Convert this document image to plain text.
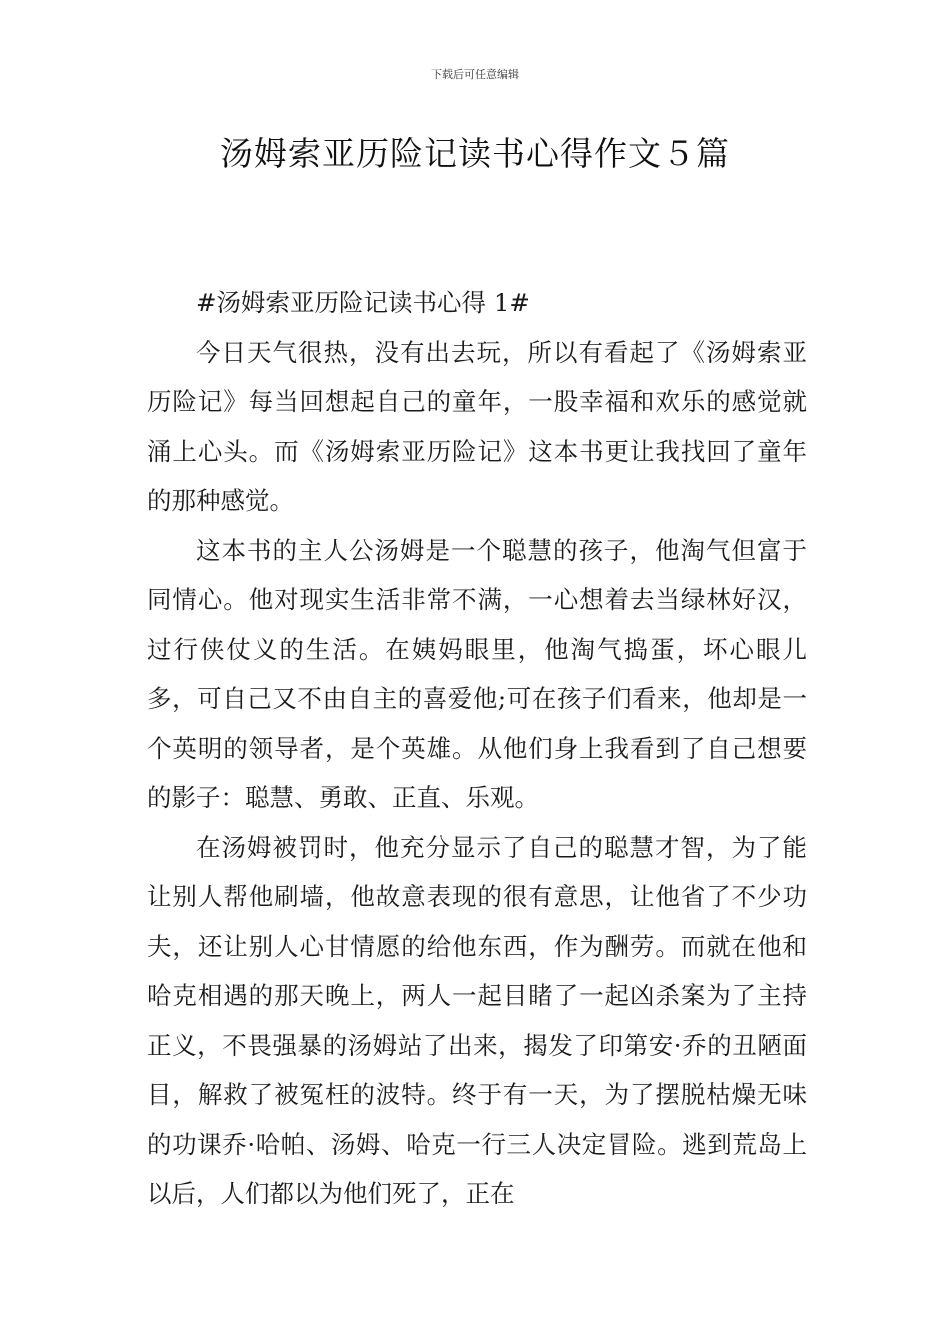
下载后可任意编辑
汤姆索亚历险记读书心得作文５篇

#汤姆索亚历险记读书心得 1#

今日天气很热，没有出去玩，所以有看起了《汤姆索亚历险记》每当回想起自己的童年，一股幸福和欢乐的感觉就涌上心头。而《汤姆索亚历险记》这本书更让我找回了童年的那种感觉。

这本书的主人公汤姆是一个聪慧的孩子，他淘气但富于同情心。他对现实生活非常不满，一心想着去当绿林好汉，过行侠仗义的生活。在姨妈眼里，他淘气捣蛋，坏心眼儿多，可自己又不由自主的喜爱他;可在孩子们看来，他却是一个英明的领导者，是个英雄。从他们身上我看到了自己想要的影子：聪慧、勇敢、正直、乐观。

在汤姆被罚时，他充分显示了自己的聪慧才智，为了能让别人帮他刷墙，他故意表现的很有意思，让他省了不少功夫，还让别人心甘情愿的给他东西，作为酬劳。而就在他和哈克相遇的那天晚上，两人一起目睹了一起凶杀案为了主持正义，不畏强暴的汤姆站了出来，揭发了印第安·乔的丑陋面目，解救了被冤枉的波特。终于有一天，为了摆脱枯燥无味的功课乔·哈帕、汤姆、哈克一行三人决定冒险。逃到荒岛上以后，人们都以为他们死了，正在
